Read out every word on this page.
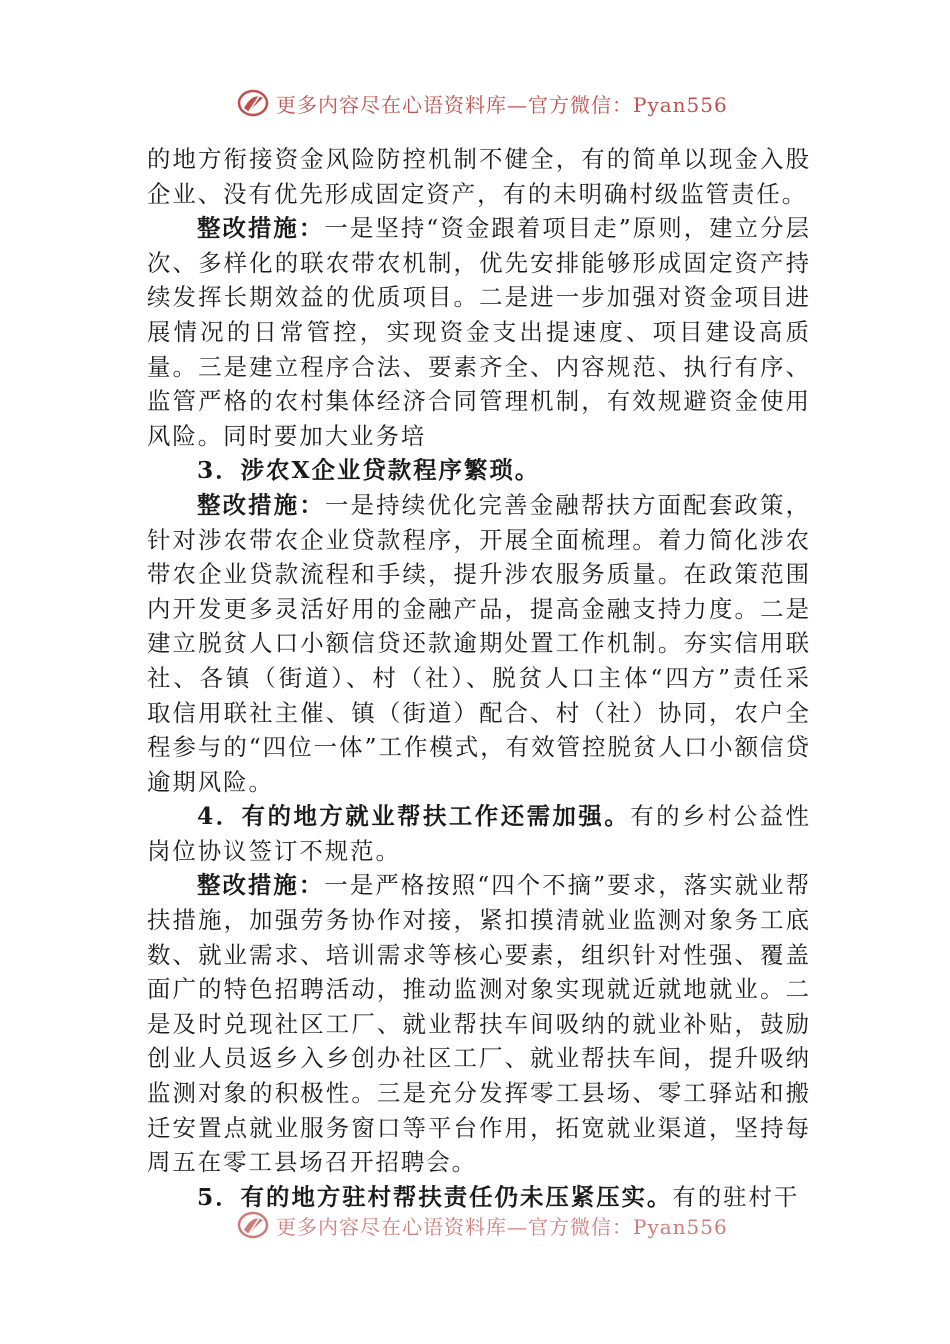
更多内容尽在心语资料库—官方微信：Pyan556

的地方衔接资金风险防控机制不健全，有的简单以现金入股企业、没有优先形成固定资产，有的未明确村级监管责任。

整改措施：一是坚持“资金跟着项目走”原则，建立分层次、多样化的联农带农机制，优先安排能够形成固定资产持续发挥长期效益的优质项目。二是进一步加强对资金项目进展情况的日常管控，实现资金支出提速度、项目建设高质量。三是建立程序合法、要素齐全、内容规范、执行有序、监管严格的农村集体经济合同管理机制，有效规避资金使用风险。同时要加大业务培

3．涉农X企业贷款程序繁琐。

整改措施：一是持续优化完善金融帮扶方面配套政策，针对涉农带农企业贷款程序，开展全面梳理。着力简化涉农带农企业贷款流程和手续，提升涉农服务质量。在政策范围内开发更多灵活好用的金融产品，提高金融支持力度。二是建立脱贫人口小额信贷还款逾期处置工作机制。夯实信用联社、各镇（街道）、村（社）、脱贫人口主体“四方”责任采取信用联社主催、镇（街道）配合、村（社）协同，农户全程参与的“四位一体”工作模式，有效管控脱贫人口小额信贷逾期风险。

4．有的地方就业帮扶工作还需加强。有的乡村公益性岗位协议签订不规范。

整改措施：一是严格按照“四个不摘”要求，落实就业帮扶措施，加强劳务协作对接，紧扣摸清就业监测对象务工底数、就业需求、培训需求等核心要素，组织针对性强、覆盖面广的特色招聘活动，推动监测对象实现就近就地就业。二是及时兑现社区工厂、就业帮扶车间吸纳的就业补贴，鼓励创业人员返乡入乡创办社区工厂、就业帮扶车间，提升吸纳监测对象的积极性。三是充分发挥零工县场、零工驿站和搬迁安置点就业服务窗口等平台作用，拓宽就业渠道，坚持每周五在零工县场召开招聘会。

5．有的地方驻村帮扶责任仍未压紧压实。有的驻村干

更多内容尽在心语资料库—官方微信：Pyan556
